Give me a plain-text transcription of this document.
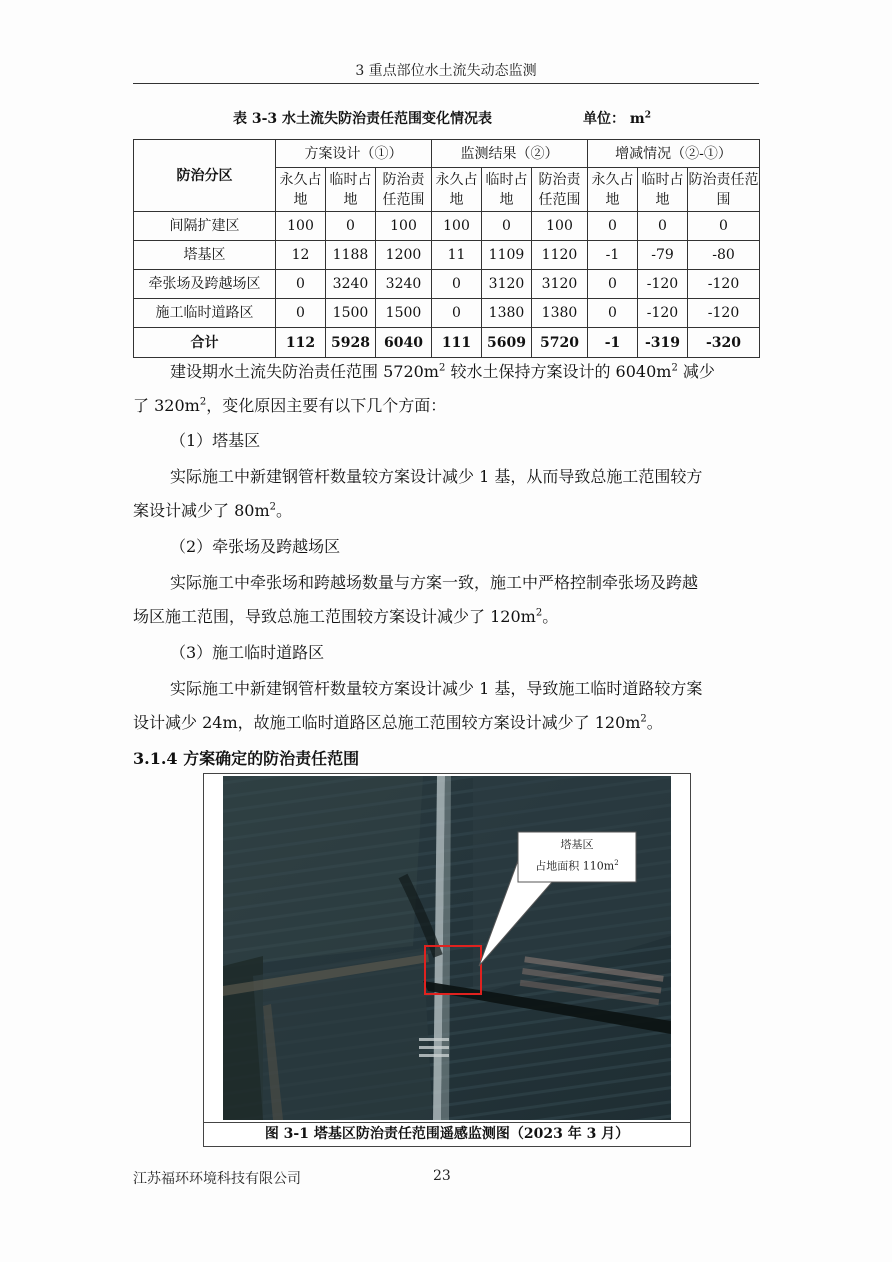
3 重点部位水土流失动态监测
表 3-3 水土流失防治责任范围变化情况表	单位： $m^2$
防治分区	方案设计（①）			监测结果（②）			增减情况（②-①）		
	永久占地	临时占地	防治责任范围	永久占地	临时占地	防治责任范围	永久占地	临时占地	防治责任范围
间隔扩建区	100	0	100	100	0	100	0	0	0
塔基区	12	1188	1200	11	1109	1120	-1	-79	-80
牵张场及跨越场区	0	3240	3240	0	3120	3120	0	-120	-120
施工临时道路区	0	1500	1500	0	1380	1380	0	-120	-120
合计	112	5928	6040	111	5609	5720	-1	-319	-320
建设期水土流失防治责任范围 $5720m^2$ 较水土保持方案设计的 $6040m^2$ 减少
了 $320m^2$，变化原因主要有以下几个方面：
（1）塔基区
实际施工中新建钢管杆数量较方案设计减少 1 基，从而导致总施工范围较方
案设计减少了 $80m^2$。
（2）牵张场及跨越场区
实际施工中牵张场和跨越场数量与方案一致，施工中严格控制牵张场及跨越
场区施工范围，导致总施工范围较方案设计减少了 $120m^2$。
（3）施工临时道路区
实际施工中新建钢管杆数量较方案设计减少 1 基，导致施工临时道路较方案
设计减少 24m，故施工临时道路区总施工范围较方案设计减少了 $120m^2$。
3.1.4 方案确定的防治责任范围
塔基区
占地面积 $110m^2$
图 3-1 塔基区防治责任范围遥感监测图（2023 年 3 月）
江苏福环环境科技有限公司	23
